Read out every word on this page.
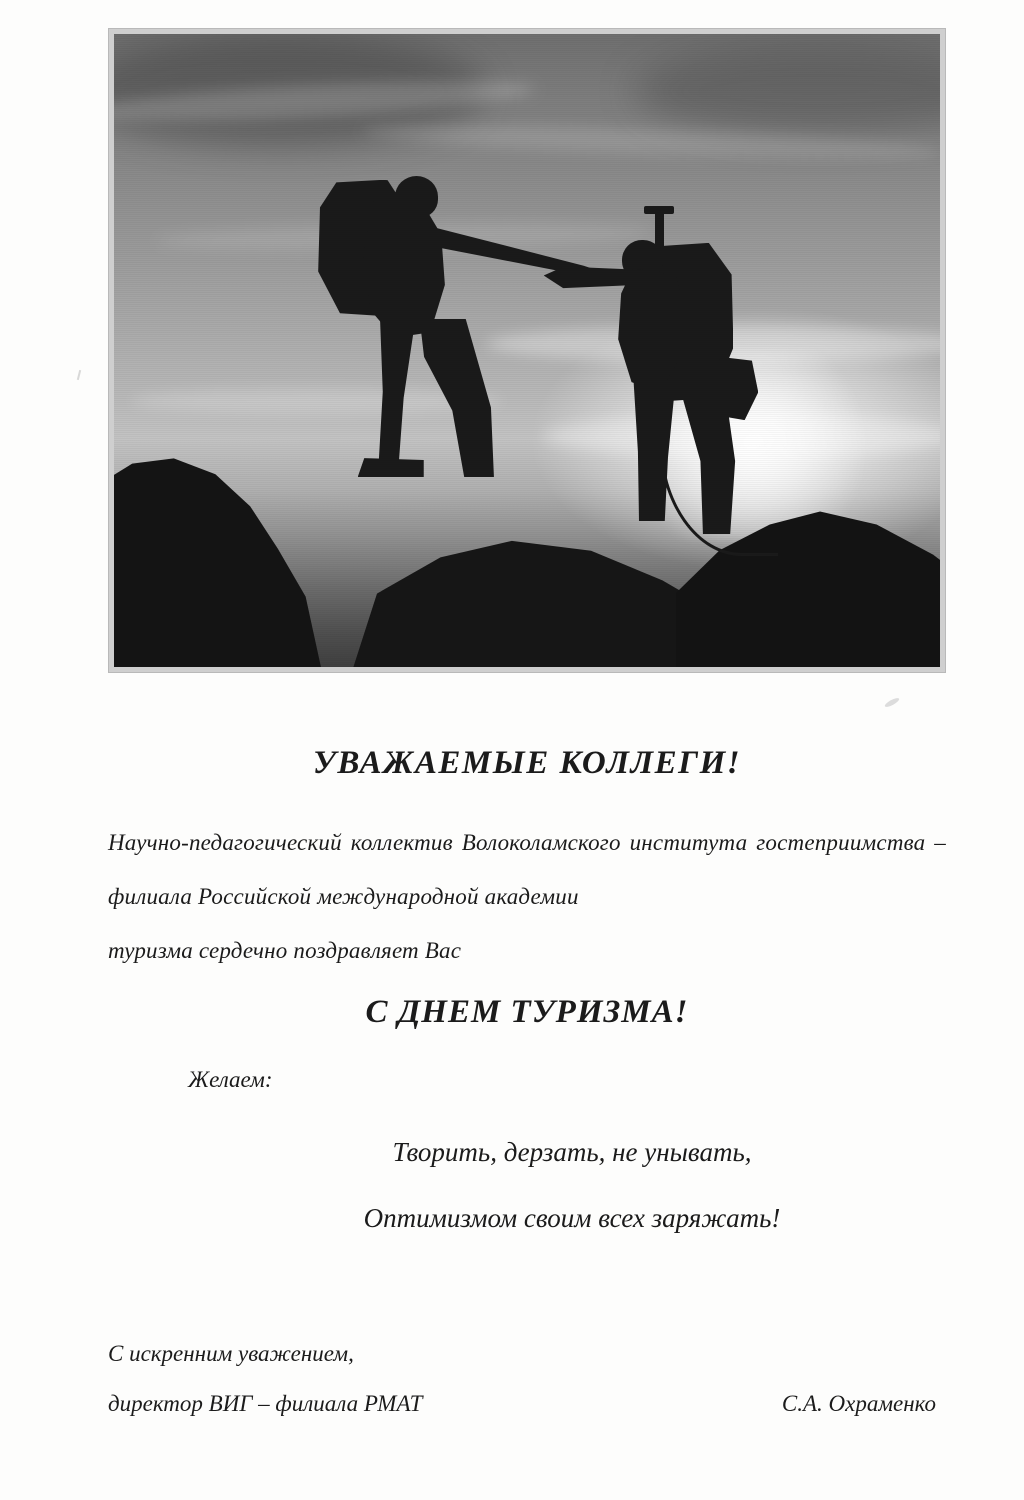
УВАЖАЕМЫЕ КОЛЛЕГИ!

Научно-педагогический коллектив Волоколамского института гостеприимства – филиала Российской международной академии
туризма сердечно поздравляет Вас

С ДНЕМ ТУРИЗМА!

Желаем:

Творить, дерзать, не унывать,

Оптимизмом своим всех заряжать!

С искренним уважением,
директор ВИГ – филиала РМАТ	С.А. Охраменко
